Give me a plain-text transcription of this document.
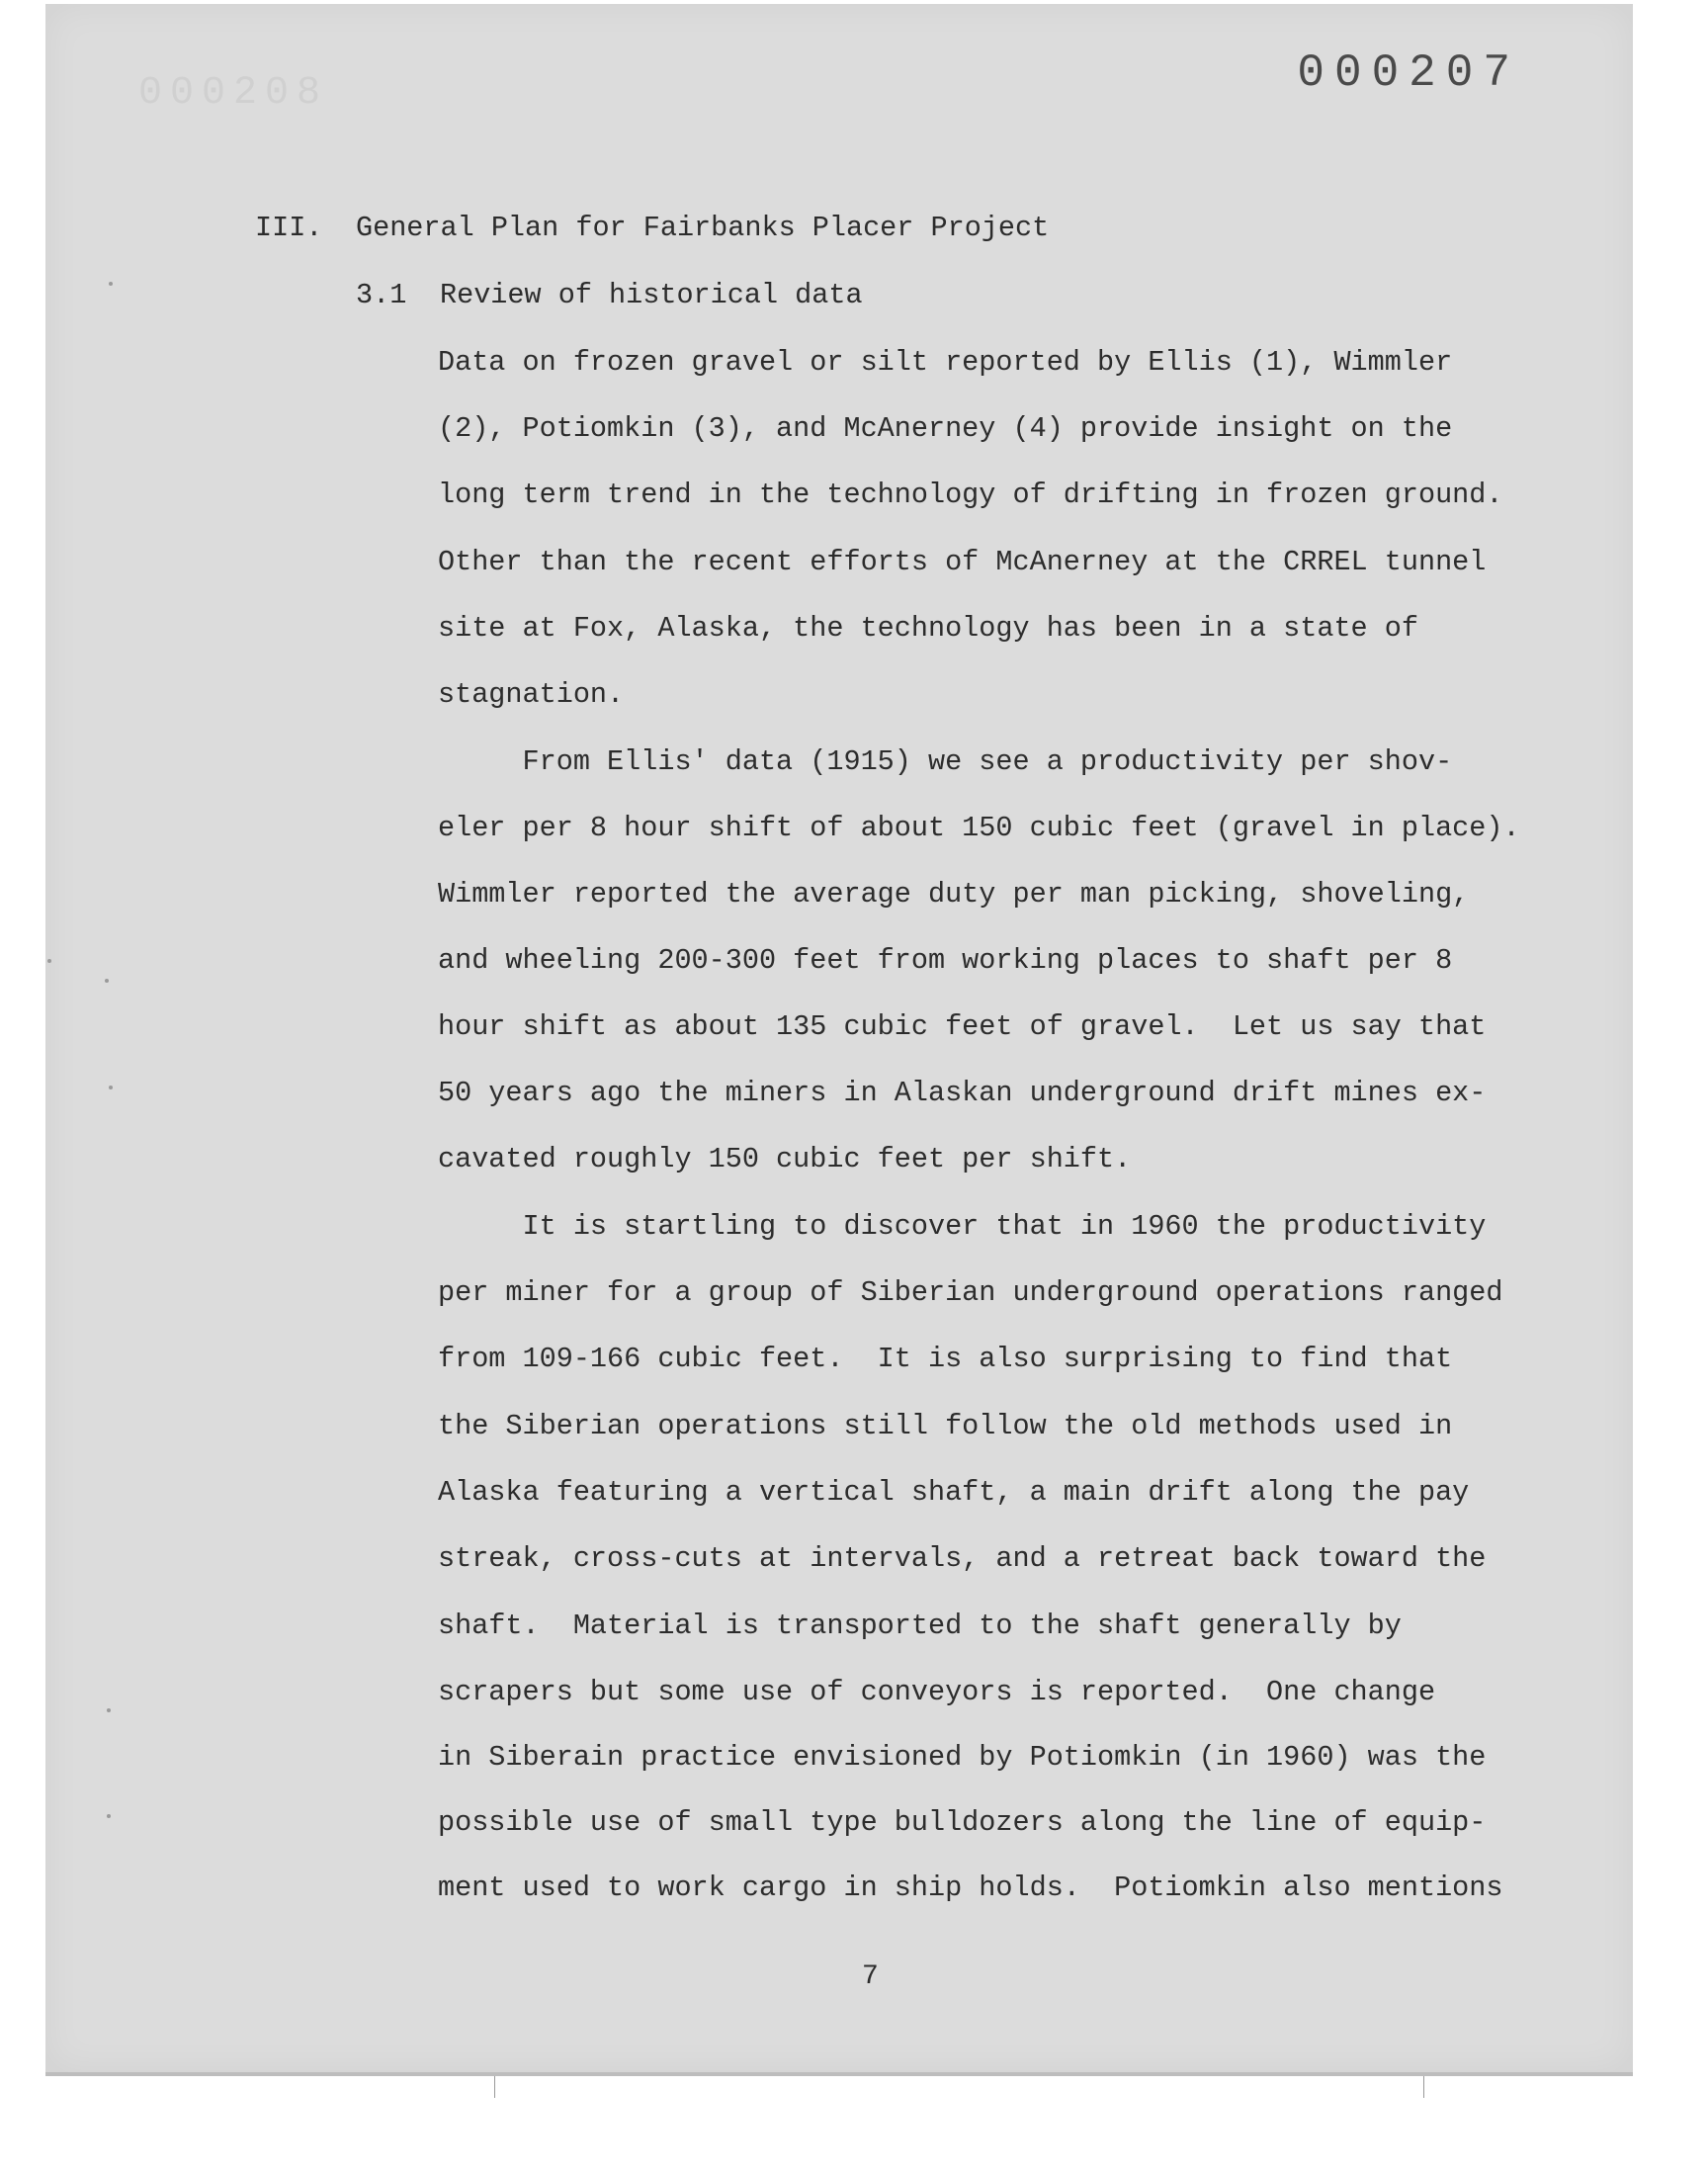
000208	000207
III. General Plan for Fairbanks Placer Project
3.1 Review of historical data
Data on frozen gravel or silt reported by Ellis (1), Wimmler
(2), Potiomkin (3), and McAnerney (4) provide insight on the
long term trend in the technology of drifting in frozen ground.
Other than the recent efforts of McAnerney at the CRREL tunnel
site at Fox, Alaska, the technology has been in a state of
stagnation.
From Ellis' data (1915) we see a productivity per shov-
eler per 8 hour shift of about 150 cubic feet (gravel in place).
Wimmler reported the average duty per man picking, shoveling,
and wheeling 200-300 feet from working places to shaft per 8
hour shift as about 135 cubic feet of gravel.  Let us say that
50 years ago the miners in Alaskan underground drift mines ex-
cavated roughly 150 cubic feet per shift.
It is startling to discover that in 1960 the productivity
per miner for a group of Siberian underground operations ranged
from 109-166 cubic feet.  It is also surprising to find that
the Siberian operations still follow the old methods used in
Alaska featuring a vertical shaft, a main drift along the pay
streak, cross-cuts at intervals, and a retreat back toward the
shaft.  Material is transported to the shaft generally by
scrapers but some use of conveyors is reported.  One change
in Siberain practice envisioned by Potiomkin (in 1960) was the
possible use of small type bulldozers along the line of equip-
ment used to work cargo in ship holds.  Potiomkin also mentions
7
